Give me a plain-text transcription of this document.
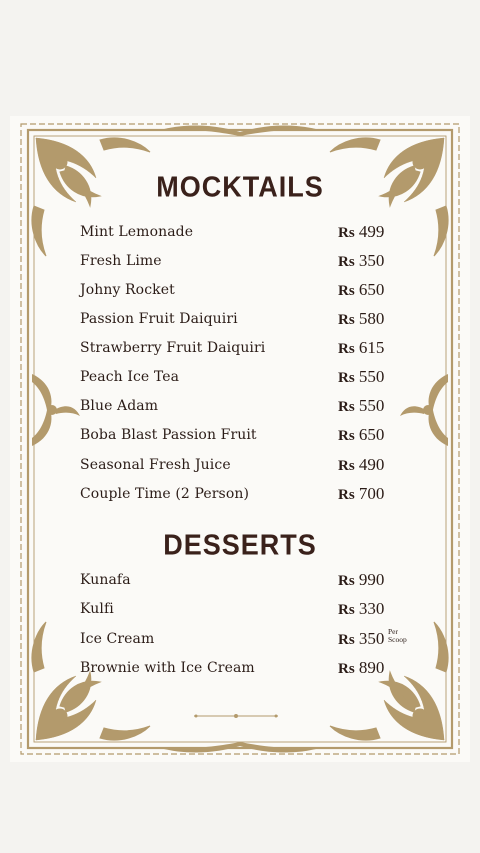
MOCKTAILS
Mint Lemonade	Rs 499
Fresh Lime	Rs 350
Johny Rocket	Rs 650
Passion Fruit Daiquiri	Rs 580
Strawberry Fruit Daiquiri	Rs 615
Peach Ice Tea	Rs 550
Blue Adam	Rs 550
Boba Blast Passion Fruit	Rs 650
Seasonal Fresh Juice	Rs 490
Couple Time (2 Person)	Rs 700
DESSERTS
Kunafa	Rs 990
Kulfi	Rs 330
Ice Cream	Rs 350 Per
Scoop
Brownie with Ice Cream	Rs 890
